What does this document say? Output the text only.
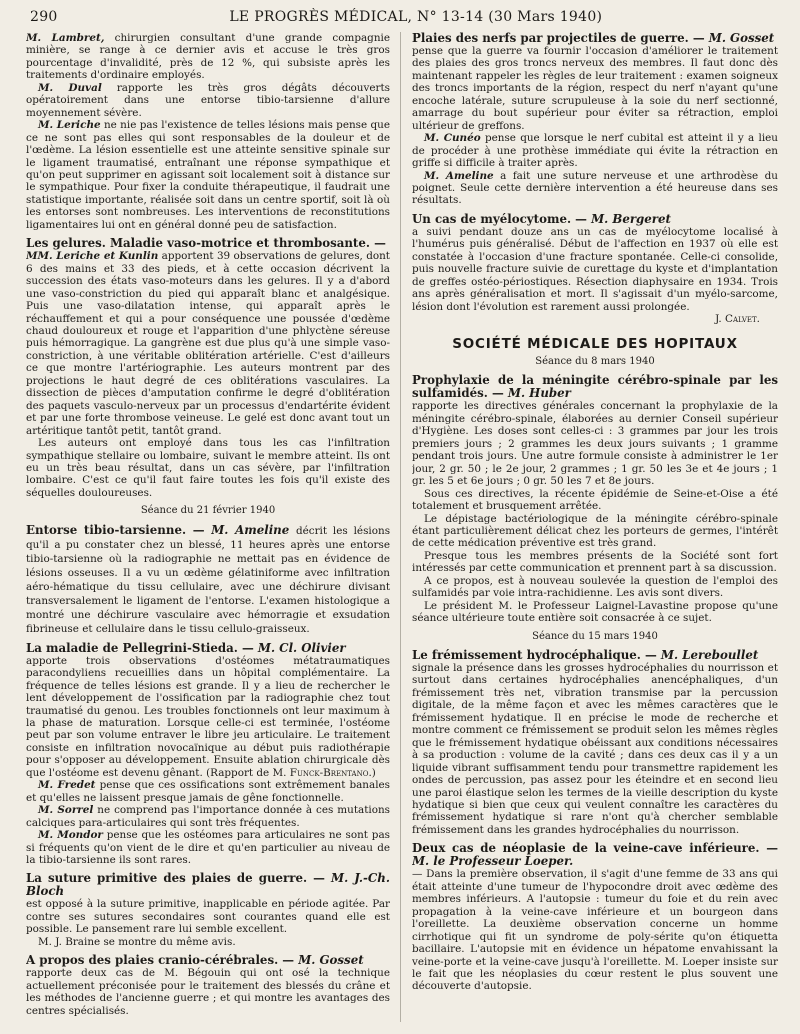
290	LE PROGRÈS MÉDICAL, N° 13-14 (30 Mars 1940)

M. Lambret, chirurgien consultant d'une grande compagnie minière, se range à ce dernier avis et accuse le très gros pourcentage d'invalidité, près de 12 %, qui subsiste après les traitements d'ordinaire employés.

M. Duval rapporte les très gros dégâts découverts opératoirement dans une entorse tibio-tarsienne d'allure moyennement sévère.

M. Leriche ne nie pas l'existence de telles lésions mais pense que ce ne sont pas elles qui sont responsables de la douleur et de l'œdème. La lésion essentielle est une atteinte sensitive spinale sur le ligament traumatisé, entraînant une réponse sympathique et qu'on peut supprimer en agissant soit localement soit à distance sur le sympathique. Pour fixer la conduite thérapeutique, il faudrait une statistique importante, réalisée soit dans un centre sportif, soit là où les entorses sont nombreuses. Les interventions de reconstitutions ligamentaires lui ont en général donné peu de satisfaction.

Les gelures. Maladie vaso-motrice et thrombosante. —

MM. Leriche et Kunlin apportent 39 observations de gelures, dont 6 des mains et 33 des pieds, et à cette occasion décrivent la succession des états vaso-moteurs dans les gelures. Il y a d'abord une vaso-constriction du pied qui apparaît blanc et analgésique. Puis une vaso-dilatation intense, qui apparaît après le réchauffement et qui a pour conséquence une poussée d'œdème chaud douloureux et rouge et l'apparition d'une phlyctène séreuse puis hémorragique. La gangrène est due plus qu'à une simple vaso-constriction, à une véritable oblitération artérielle. C'est d'ailleurs ce que montre l'artériographie. Les auteurs montrent par des projections le haut degré de ces oblitérations vasculaires. La dissection de pièces d'amputation confirme le degré d'oblitération des paquets vasculo-nerveux par un processus d'endartérite évident et par une forte thrombose veineuse. Le gelé est donc avant tout un artéritique tantôt petit, tantôt grand.

Les auteurs ont employé dans tous les cas l'infiltration sympathique stellaire ou lombaire, suivant le membre atteint. Ils ont eu un très beau résultat, dans un cas sévère, par l'infiltration lombaire. C'est ce qu'il faut faire toutes les fois qu'il existe des séquelles douloureuses.

Séance du 21 février 1940
Entorse tibio-tarsienne. — M. Ameline décrit les lésions qu'il a pu constater chez un blessé, 11 heures après une entorse tibio-tarsienne où la radiographie ne mettait pas en évidence de lésions osseuses. Il a vu un œdème gélatiniforme avec infiltration aéro-hématique du tissu cellulaire, avec une déchirure divisant transversalement le ligament de l'entorse. L'examen histologique a montré une déchirure vasculaire avec hémorragie et exsudation fibrineuse et cellulaire dans le tissu cellulo-graisseux.
La maladie de Pellegrini-Stieda. — M. Cl. Olivier

apporte trois observations d'ostéomes métatraumatiques paracondyliens recueillies dans un hôpital complémentaire. La fréquence de telles lésions est grande. Il y a lieu de rechercher le lent développement de l'ossification par la radiographie chez tout traumatisé du genou. Les troubles fonctionnels ont leur maximum à la phase de maturation. Lorsque celle-ci est terminée, l'ostéome peut par son volume entraver le libre jeu articulaire. Le traitement consiste en infiltration novocaïnique au début puis radiothérapie pour s'opposer au développement. Ensuite ablation chirurgicale dès que l'ostéome est devenu gênant. (Rapport de M. Funck-Brentano.)

M. Fredet pense que ces ossifications sont extrêmement banales et qu'elles ne laissent presque jamais de gêne fonctionnelle.

M. Sorrel ne comprend pas l'importance donnée à ces mutations calciques para-articulaires qui sont très fréquentes.

M. Mondor pense que les ostéomes para articulaires ne sont pas si fréquents qu'on vient de le dire et qu'en particulier au niveau de la tibio-tarsienne ils sont rares.

La suture primitive des plaies de guerre. — M. J.-Ch. Bloch

est opposé à la suture primitive, inapplicable en période agitée. Par contre ses sutures secondaires sont courantes quand elle est possible. Le pansement rare lui semble excellent.

M. J. Braine se montre du même avis.

A propos des plaies cranio-cérébrales. — M. Gosset

rapporte deux cas de M. Bégouin qui ont osé la technique actuellement préconisée pour le traitement des blessés du crâne et les méthodes de l'ancienne guerre ; et qui montre les avantages des centres spécialisés.

Plaies des nerfs par projectiles de guerre. — M. Gosset

pense que la guerre va fournir l'occasion d'améliorer le traitement des plaies des gros troncs nerveux des membres. Il faut donc dès maintenant rappeler les règles de leur traitement : examen soigneux des troncs importants de la région, respect du nerf n'ayant qu'une encoche latérale, suture scrupuleuse à la soie du nerf sectionné, amarrage du bout supérieur pour éviter sa rétraction, emploi ultérieur de greffons.

M. Cunéo pense que lorsque le nerf cubital est atteint il y a lieu de procéder à une prothèse immédiate qui évite la rétraction en griffe si difficile à traiter après.

M. Ameline a fait une suture nerveuse et une arthrodèse du poignet. Seule cette dernière intervention a été heureuse dans ses résultats.

Un cas de myélocytome. — M. Bergeret

a suivi pendant douze ans un cas de myélocytome localisé à l'humérus puis généralisé. Début de l'affection en 1937 où elle est constatée à l'occasion d'une fracture spontanée. Celle-ci consolide, puis nouvelle fracture suivie de curettage du kyste et d'implantation de greffes ostéo-périostiques. Résection diaphysaire en 1934. Trois ans après généralisation et mort. Il s'agissait d'un myélo-sarcome, lésion dont l'évolution est rarement aussi prolongée.

J. Calvet.

SOCIÉTÉ MÉDICALE DES HOPITAUX
Séance du 8 mars 1940
Prophylaxie de la méningite cérébro-spinale par les sulfamidés. — M. Huber

rapporte les directives générales concernant la prophylaxie de la méningite cérébro-spinale, élaborées au dernier Conseil supérieur d'Hygiène. Les doses sont celles-ci : 3 grammes par jour les trois premiers jours ; 2 grammes les deux jours suivants ; 1 gramme pendant trois jours. Une autre formule consiste à administrer le 1er jour, 2 gr. 50 ; le 2e jour, 2 grammes ; 1 gr. 50 les 3e et 4e jours ; 1 gr. les 5 et 6e jours ; 0 gr. 50 les 7 et 8e jours.

Sous ces directives, la récente épidémie de Seine-et-Oise a été totalement et brusquement arrêtée.

Le dépistage bactériologique de la méningite cérébro-spinale étant particulièrement délicat chez les porteurs de germes, l'intérêt de cette médication préventive est très grand.

Presque tous les membres présents de la Société sont fort intéressés par cette communication et prennent part à sa discussion.

A ce propos, est à nouveau soulevée la question de l'emploi des sulfamidés par voie intra-rachidienne. Les avis sont divers.

Le président M. le Professeur Laignel-Lavastine propose qu'une séance ultérieure toute entière soit consacrée à ce sujet.

Séance du 15 mars 1940
Le frémissement hydrocéphalique. — M. Lereboullet

signale la présence dans les grosses hydrocéphalies du nourrisson et surtout dans certaines hydrocéphalies anencéphaliques, d'un frémissement très net, vibration transmise par la percussion digitale, de la même façon et avec les mêmes caractères que le frémissement hydatique. Il en précise le mode de recherche et montre comment ce frémissement se produit selon les mêmes règles que le frémissement hydatique obéissant aux conditions nécessaires à sa production : volume de la cavité ; dans ces deux cas il y a un liquide vibrant suffisamment tendu pour transmettre rapidement les ondes de percussion, pas assez pour les éteindre et en second lieu une paroi élastique selon les termes de la vieille description du kyste hydatique si bien que ceux qui veulent connaître les caractères du frémissement hydatique si rare n'ont qu'à chercher semblable frémissement dans les grandes hydrocéphalies du nourrisson.

Deux cas de néoplasie de la veine-cave inférieure. — M. le Professeur Loeper.

— Dans la première observation, il s'agit d'une femme de 33 ans qui était atteinte d'une tumeur de l'hypocondre droit avec œdème des membres inférieurs. A l'autopsie : tumeur du foie et du rein avec propagation à la veine-cave inférieure et un bourgeon dans l'oreillette. La deuxième observation concerne un homme cirrhotique qui fit un syndrome de poly-sérite qu'on étiquetta bacillaire. L'autopsie mit en évidence un hépatome envahissant la veine-porte et la veine-cave jusqu'à l'oreillette. M. Loeper insiste sur le fait que les néoplasies du cœur restent le plus souvent une découverte d'autopsie.
